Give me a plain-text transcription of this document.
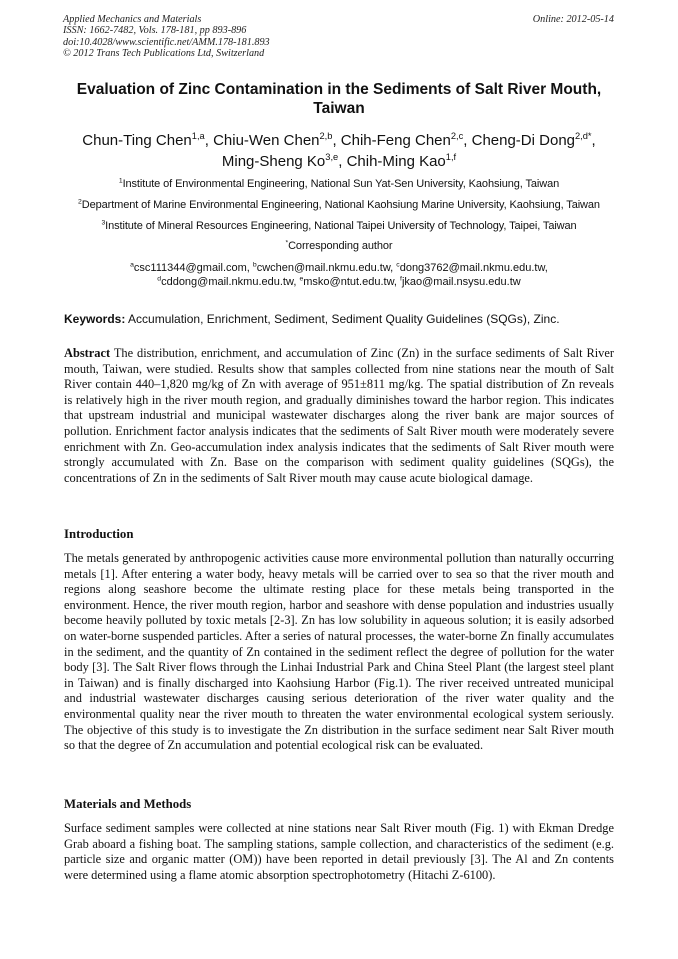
Applied Mechanics and Materials
ISSN: 1662-7482, Vols. 178-181, pp 893-896
doi:10.4028/www.scientific.net/AMM.178-181.893
© 2012 Trans Tech Publications Ltd, Switzerland
Online: 2012-05-14
Evaluation of Zinc Contamination in the Sediments of Salt River Mouth, Taiwan
Chun-Ting Chen$^{1,a}$, Chiu-Wen Chen$^{2,b}$, Chih-Feng Chen$^{2,c}$, Cheng-Di Dong$^{2,d*}$,
Ming-Sheng Ko$^{3,e}$, Chih-Ming Kao$^{1,f}$
$^1$Institute of Environmental Engineering, National Sun Yat-Sen University, Kaohsiung, Taiwan
$^2$Department of Marine Environmental Engineering, National Kaohsiung Marine University, Kaohsiung, Taiwan
$^3$Institute of Mineral Resources Engineering, National Taipei University of Technology, Taipei, Taiwan
*Corresponding author
$^a$csc111344@gmail.com, $^b$cwchen@mail.nkmu.edu.tw, $^c$dong3762@mail.nkmu.edu.tw,
$^d$cddong@mail.nkmu.edu.tw, $^e$msko@ntut.edu.tw, $^f$jkao@mail.nsysu.edu.tw
Keywords: Accumulation, Enrichment, Sediment, Sediment Quality Guidelines (SQGs), Zinc.
Abstract The distribution, enrichment, and accumulation of Zinc (Zn) in the surface sediments of Salt River mouth, Taiwan, were studied. Results show that samples collected from nine stations near the mouth of Salt River contain 440–1,820 mg/kg of Zn with average of 951±811 mg/kg. The spatial distribution of Zn reveals is relatively high in the river mouth region, and gradually diminishes toward the harbor region. This indicates that upstream industrial and municipal wastewater discharges along the river bank are major sources of pollution. Enrichment factor analysis indicates that the sediments of Salt River mouth were moderately severe enrichment with Zn. Geo-accumulation index analysis indicates that the sediments of Salt River mouth were strongly accumulated with Zn. Base on the comparison with sediment quality guidelines (SQGs), the concentrations of Zn in the sediments of Salt River mouth may cause acute biological damage.
Introduction
The metals generated by anthropogenic activities cause more environmental pollution than naturally occurring metals [1]. After entering a water body, heavy metals will be carried over to sea so that the river mouth and regions along seashore become the ultimate resting place for these metals being transported in the environment. Hence, the river mouth region, harbor and seashore with dense population and industries usually become heavily polluted by toxic metals [2-3]. Zn has low solubility in aqueous solution; it is easily adsorbed on water-borne suspended particles. After a series of natural processes, the water-borne Zn finally accumulates in the sediment, and the quantity of Zn contained in the sediment reflect the degree of pollution for the water body [3]. The Salt River flows through the Linhai Industrial Park and China Steel Plant (the largest steel plant in Taiwan) and is finally discharged into Kaohsiung Harbor (Fig.1). The river received untreated municipal and industrial wastewater discharges causing serious deterioration of the river water quality and the environmental quality near the river mouth to threaten the water environmental ecological system seriously. The objective of this study is to investigate the Zn distribution in the surface sediment near Salt River mouth so that the degree of Zn accumulation and potential ecological risk can be evaluated.
Materials and Methods
Surface sediment samples were collected at nine stations near Salt River mouth (Fig. 1) with Ekman Dredge Grab aboard a fishing boat. The sampling stations, sample collection, and characteristics of the sediment (e.g. particle size and organic matter (OM)) have been reported in detail previously [3]. The Al and Zn contents were determined using a flame atomic absorption spectrophotometry (Hitachi Z-6100).
